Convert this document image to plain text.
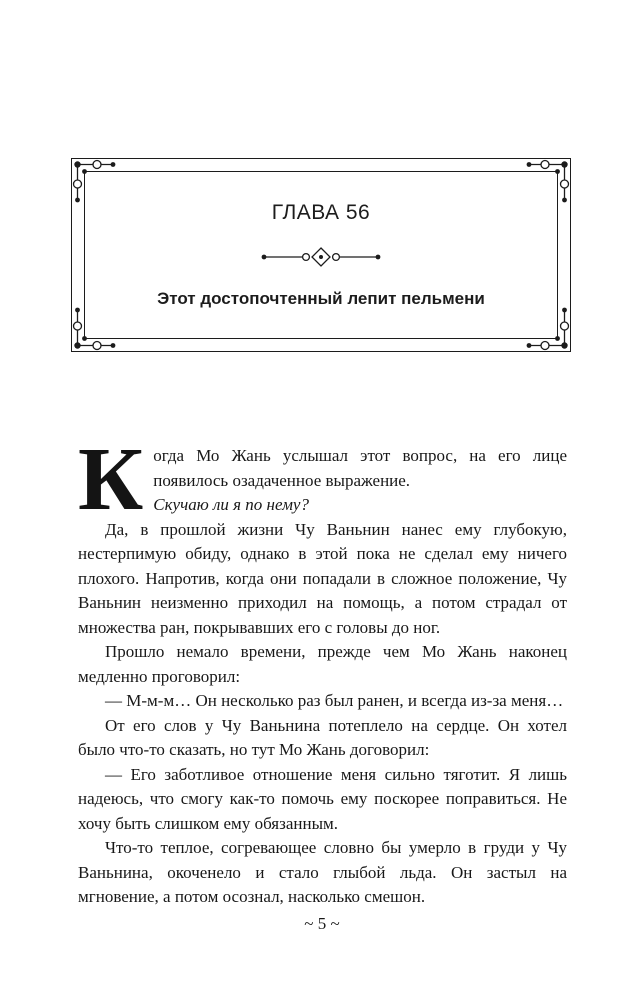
ГЛАВА 56
Этот достопочтенный лепит пельмени

Когда Мо Жань услышал этот вопрос, на его лице появилось озадаченное выражение.

Скучаю ли я по нему?

Да, в прошлой жизни Чу Ваньнин нанес ему глубокую, нестерпимую обиду, однако в этой пока не сделал ему ничего плохого. Напротив, когда они попадали в сложное положение, Чу Ваньнин неизменно приходил на помощь, а потом страдал от множества ран, покрывавших его с головы до ног.

Прошло немало времени, прежде чем Мо Жань наконец медленно проговорил:

— М-м-м… Он несколько раз был ранен, и всегда из-за меня…

От его слов у Чу Ваньнина потеплело на сердце. Он хотел было что-то сказать, но тут Мо Жань договорил:

— Его заботливое отношение меня сильно тяготит. Я лишь надеюсь, что смогу как-то помочь ему поскорее поправиться. Не хочу быть слишком ему обязанным.

Что-то теплое, согревающее словно бы умерло в груди у Чу Ваньнина, окоченело и стало глыбой льда. Он застыл на мгновение, а потом осознал, насколько смешон.

~ 5 ~
